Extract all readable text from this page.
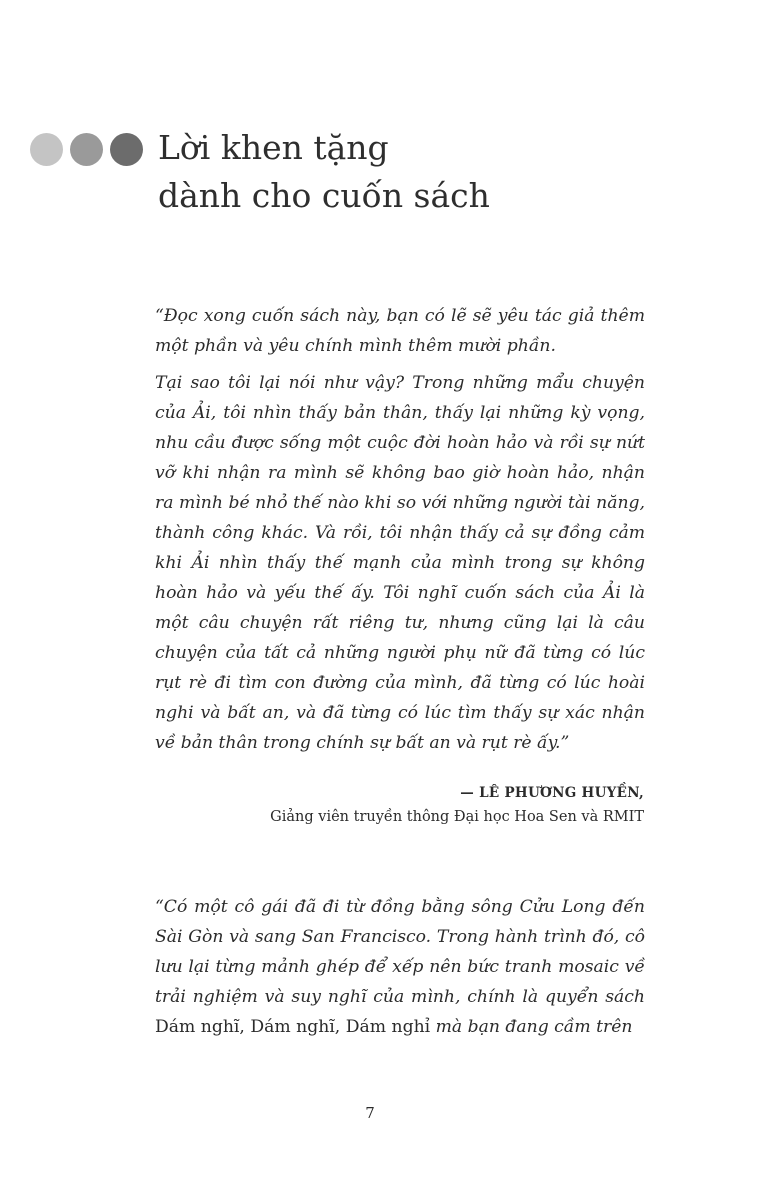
Lời khen tặng
dành cho cuốn sách

“Đọc xong cuốn sách này, bạn có lẽ sẽ yêu tác giả thêm một phần và yêu chính mình thêm mười phần.

Tại sao tôi lại nói như vậy? Trong những mẩu chuyện của Ải, tôi nhìn thấy bản thân, thấy lại những kỳ vọng, nhu cầu được sống một cuộc đời hoàn hảo và rồi sự nứt vỡ khi nhận ra mình sẽ không bao giờ hoàn hảo, nhận ra mình bé nhỏ thế nào khi so với những người tài năng, thành công khác. Và rồi, tôi nhận thấy cả sự đồng cảm khi Ải nhìn thấy thế mạnh của mình trong sự không hoàn hảo và yếu thế ấy. Tôi nghĩ cuốn sách của Ải là một câu chuyện rất riêng tư, nhưng cũng lại là câu chuyện của tất cả những người phụ nữ đã từng có lúc rụt rè đi tìm con đường của mình, đã từng có lúc hoài nghi và bất an, và đã từng có lúc tìm thấy sự xác nhận về bản thân trong chính sự bất an và rụt rè ấy.”

— LÊ PHƯƠNG HUYỀN,
Giảng viên truyền thông Đại học Hoa Sen và RMIT

“Có một cô gái đã đi từ đồng bằng sông Cửu Long đến Sài Gòn và sang San Francisco. Trong hành trình đó, cô lưu lại từng mảnh ghép để xếp nên bức tranh mosaic về trải nghiệm và suy nghĩ của mình, chính là quyển sách Dám nghĩ, Dám nghĩ, Dám nghỉ mà bạn đang cầm trên

7
